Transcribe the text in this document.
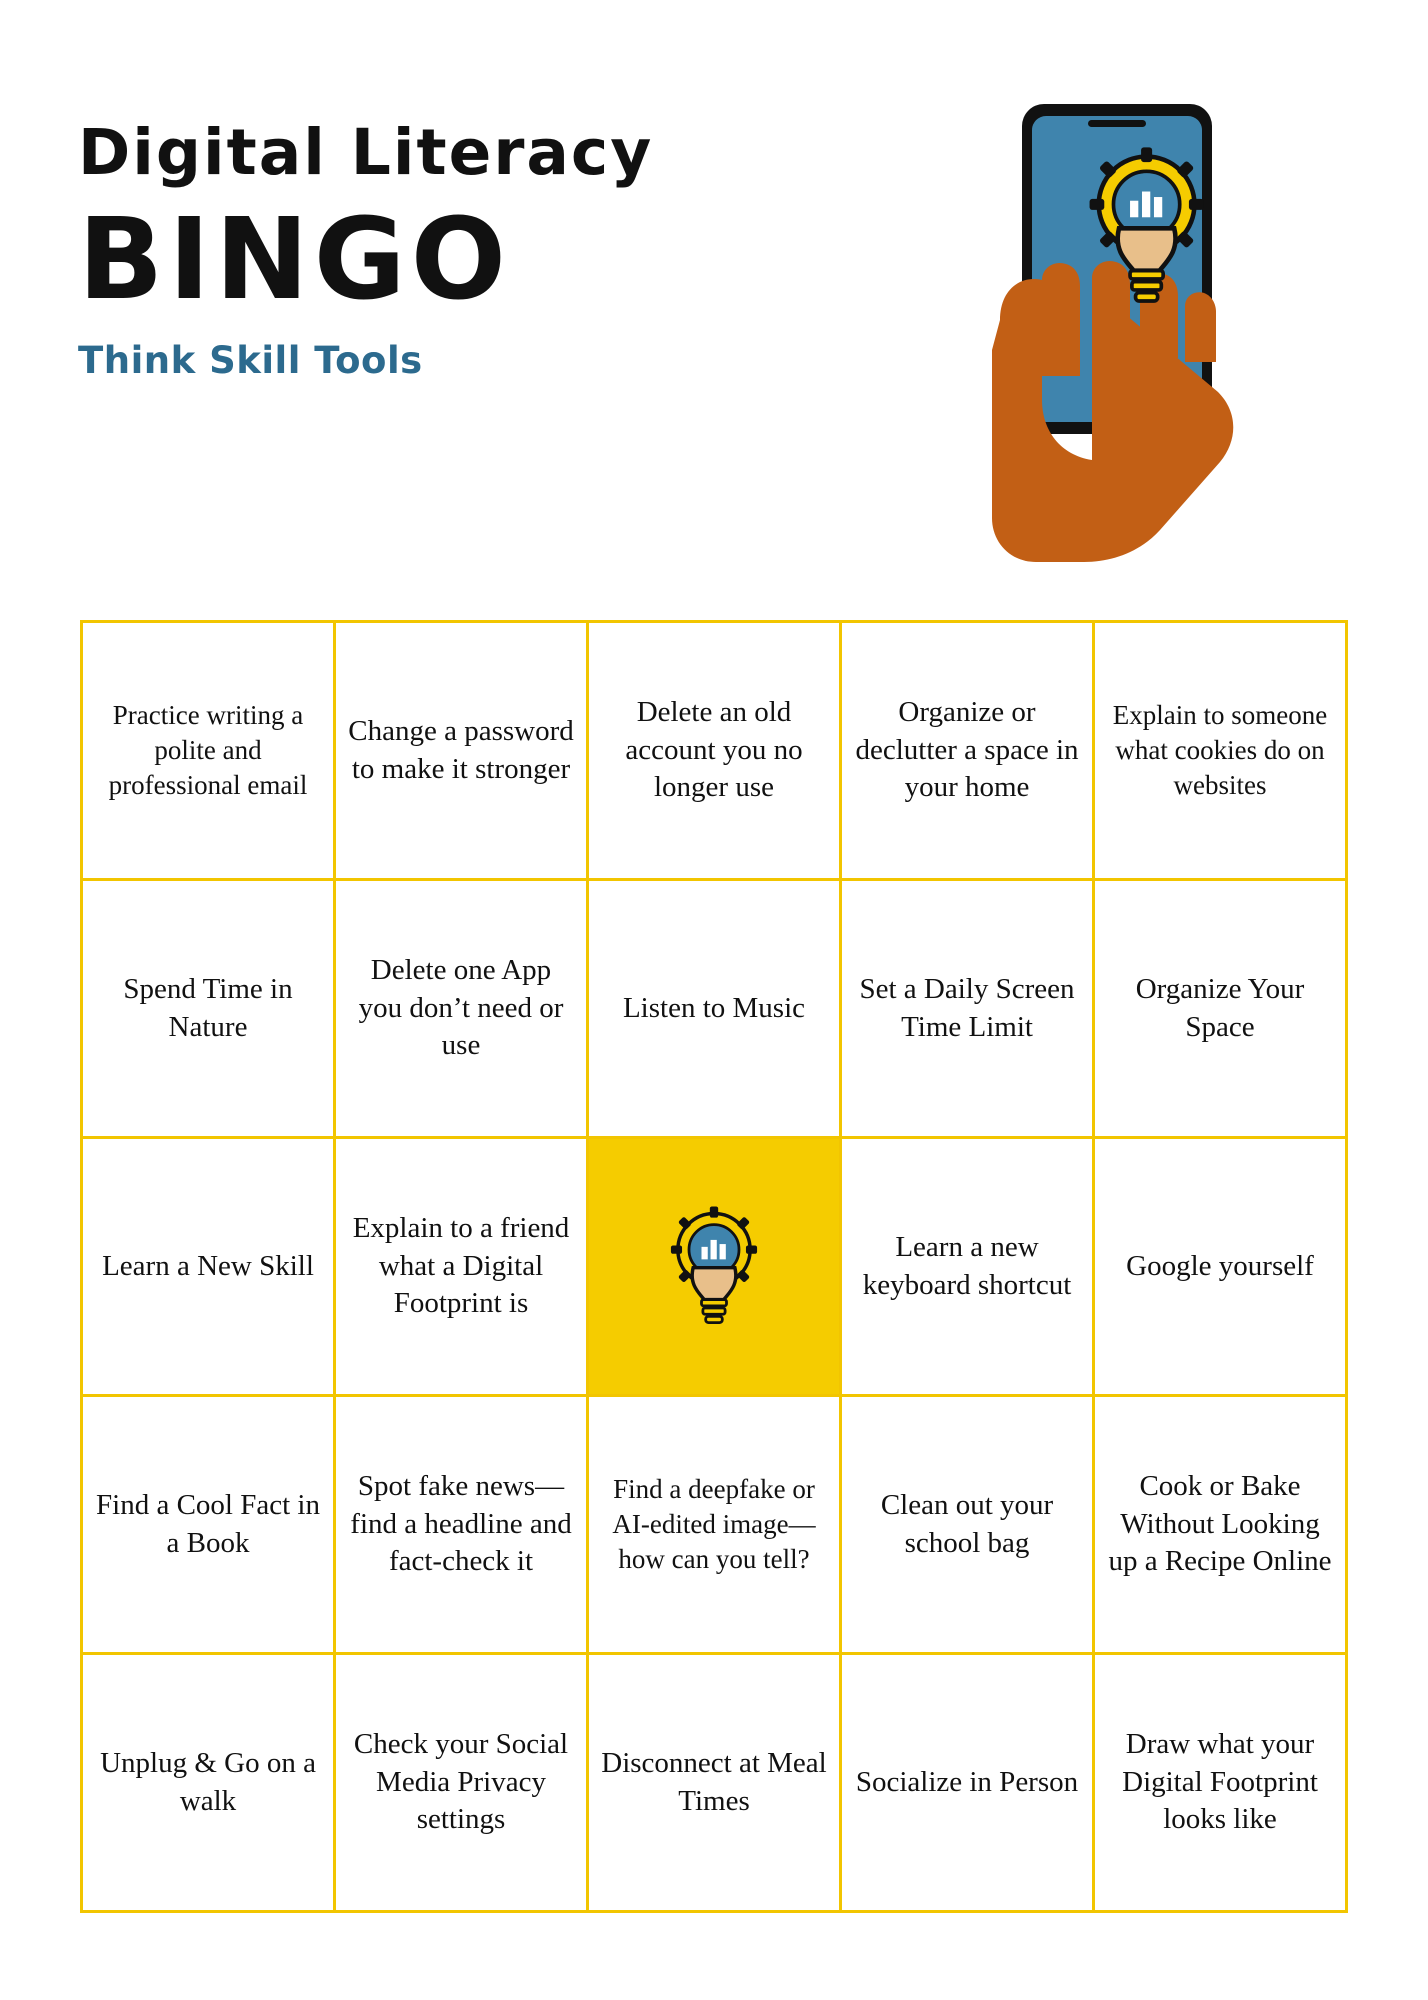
Digital Literacy
BINGO
Think Skill Tools
Practice writing a polite and professional email	Change a password to make it stronger	Delete an old account you no longer use	Organize or declutter a space in your home	Explain to someone what cookies do on websites
Spend Time in Nature	Delete one App you don’t need or use	Listen to Music	Set a Daily Screen Time Limit	Organize Your Space
Learn a New Skill	Explain to a friend what a Digital Footprint is		Learn a new keyboard shortcut	Google yourself
Find a Cool Fact in a Book	Spot fake news—find a headline and fact-check it	Find a deepfake or AI-edited image—how can you tell?	Clean out your school bag	Cook or Bake Without Looking up a Recipe Online
Unplug & Go on a walk	Check your Social Media Privacy settings	Disconnect at Meal Times	Socialize in Person	Draw what your Digital Footprint looks like
